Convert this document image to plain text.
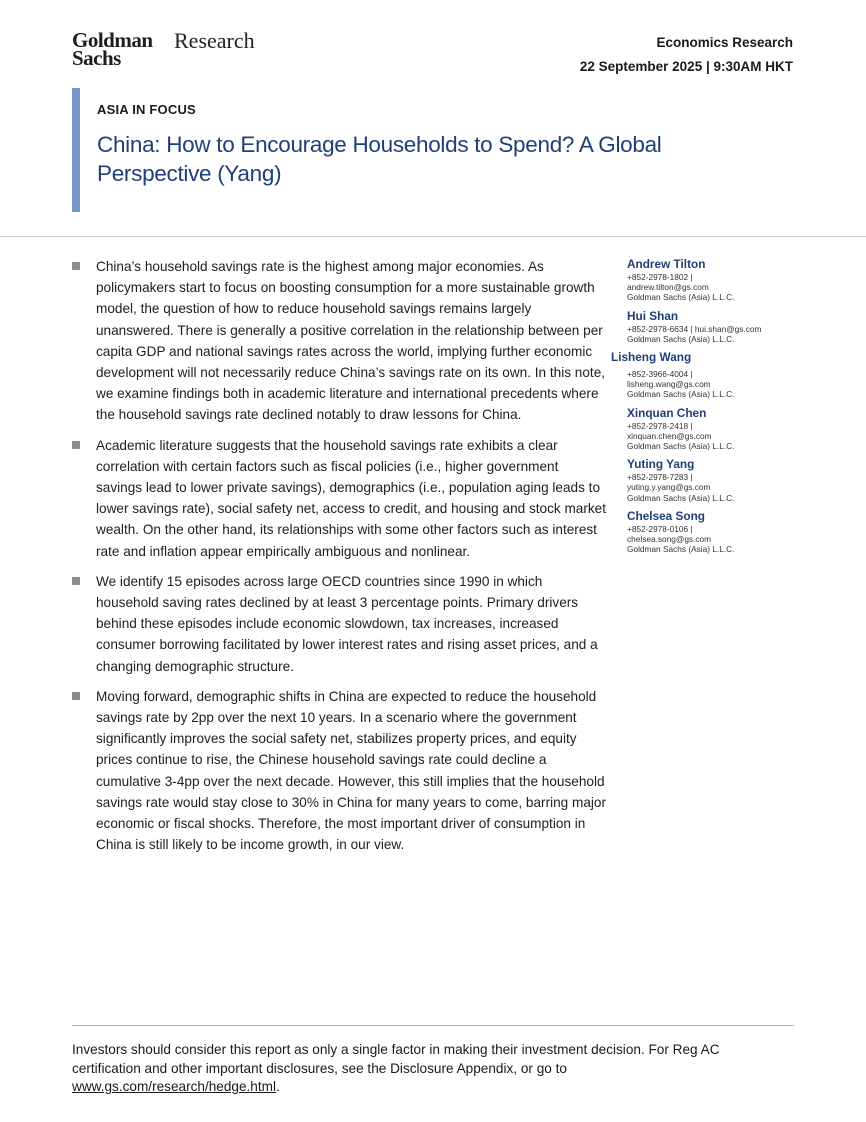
Goldman
Sachs
Research	Economics Research
22 September 2025 | 9:30AM HKT
ASIA IN FOCUS
China: How to Encourage Households to Spend? A Global Perspective (Yang)
China’s household savings rate is the highest among major economies. As policymakers start to focus on boosting consumption for a more sustainable growth model, the question of how to reduce household savings remains largely unanswered. There is generally a positive correlation in the relationship between per capita GDP and national savings rates across the world, implying further economic development will not necessarily reduce China’s savings rate on its own. In this note, we examine findings both in academic literature and international precedents where the household savings rate declined notably to draw lessons for China.
Academic literature suggests that the household savings rate exhibits a clear correlation with certain factors such as fiscal policies (i.e., higher government savings lead to lower private savings), demographics (i.e., population aging leads to lower savings rate), social safety net, access to credit, and housing and stock market wealth. On the other hand, its relationships with some other factors such as interest rate and inflation appear empirically ambiguous and nonlinear.
We identify 15 episodes across large OECD countries since 1990 in which household saving rates declined by at least 3 percentage points. Primary drivers behind these episodes include economic slowdown, tax increases, increased consumer borrowing facilitated by lower interest rates and rising asset prices, and a changing demographic structure.
Moving forward, demographic shifts in China are expected to reduce the household savings rate by 2pp over the next 10 years. In a scenario where the government significantly improves the social safety net, stabilizes property prices, and equity prices continue to rise, the Chinese household savings rate could decline a cumulative 3-4pp over the next decade. However, this still implies that the household savings rate would stay close to 30% in China for many years to come, barring major economic or fiscal shocks. Therefore, the most important driver of consumption in China is still likely to be income growth, in our view.
Andrew Tilton
+852-2978-1802 |
andrew.tilton@gs.com
Goldman Sachs (Asia) L.L.C.
Hui Shan
+852-2978-6634 | hui.shan@gs.com
Goldman Sachs (Asia) L.L.C.
Lisheng Wang
+852-3966-4004 |
lisheng.wang@gs.com
Goldman Sachs (Asia) L.L.C.
Xinquan Chen
+852-2978-2418 |
xinquan.chen@gs.com
Goldman Sachs (Asia) L.L.C.
Yuting Yang
+852-2978-7283 |
yuting.y.yang@gs.com
Goldman Sachs (Asia) L.L.C.
Chelsea Song
+852-2978-0106 |
chelsea.song@gs.com
Goldman Sachs (Asia) L.L.C.
Investors should consider this report as only a single factor in making their investment decision. For Reg AC certification and other important disclosures, see the Disclosure Appendix, or go to www.gs.com/research/hedge.html.
